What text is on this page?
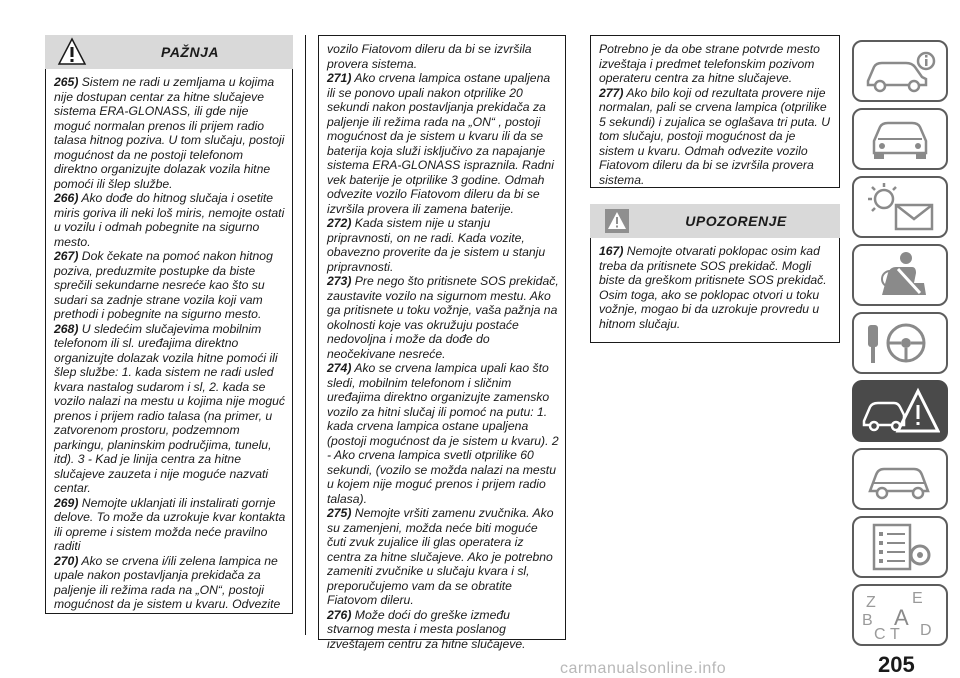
PAŽNJA

265) Sistem ne radi u zemljama u kojima nije dostupan centar za hitne slučajeve sistema ERA-GLONASS, ili gde nije moguć normalan prenos ili prijem radio talasa hitnog poziva. U tom slučaju, postoji mogućnost da ne postoji telefonom direktno organizujte dolazak vozila hitne pomoći ili šlep službe.

266) Ako dođe do hitnog slučaja i osetite miris goriva ili neki loš miris, nemojte ostati u vozilu i odmah pobegnite na sigurno mesto.

267) Dok čekate na pomoć nakon hitnog poziva, preduzmite postupke da biste sprečili sekundarne nesreće kao što su sudari sa zadnje strane vozila koji vam prethodi i pobegnite na sigurno mesto.

268) U sledećim slučajevima mobilnim telefonom ili sl. uređajima direktno organizujte dolazak vozila hitne pomoći ili šlep službe: 1. kada sistem ne radi usled kvara nastalog sudarom i sl, 2. kada se vozilo nalazi na mestu u kojima nije moguć prenos i prijem radio talasa (na primer, u zatvorenom prostoru, podzemnom parkingu, planinskim područjima, tunelu, itd). 3 - Kad je linija centra za hitne slučajeve zauzeta i nije moguće nazvati centar.

269) Nemojte uklanjati ili instalirati gornje delove. To može da uzrokuje kvar kontakta ili opreme i sistem možda neće pravilno raditi

270) Ako se crvena i/ili zelena lampica ne upale nakon postavljanja prekidača za paljenje ili režima rada na „ON“, postoji mogućnost da je sistem u kvaru. Odvezite

vozilo Fiatovom dileru da bi se izvršila provera sistema.

271) Ako crvena lampica ostane upaljena ili se ponovo upali nakon otprilike 20 sekundi nakon postavljanja prekidača za paljenje ili režima rada na „ON“ , postoji mogućnost da je sistem u kvaru ili da se baterija koja služi isključivo za napajanje sistema ERA-GLONASS ispraznila. Radni vek baterije je otprilike 3 godine. Odmah odvezite vozilo Fiatovom dileru da bi se izvršila provera ili zamena baterije.

272) Kada sistem nije u stanju pripravnosti, on ne radi. Kada vozite, obavezno proverite da je sistem u stanju pripravnosti.

273) Pre nego što pritisnete SOS prekidač, zaustavite vozilo na sigurnom mestu. Ako ga pritisnete u toku vožnje, vaša pažnja na okolnosti koje vas okružuju postaće nedovoljna i može da dođe do neočekivane nesreće.

274) Ako se crvena lampica upali kao što sledi, mobilnim telefonom i sličnim uređajima direktno organizujte zamensko vozilo za hitni slučaj ili pomoć na putu: 1. kada crvena lampica ostane upaljena (postoji mogućnost da je sistem u kvaru). 2 - Ako crvena lampica svetli otprilike 60 sekundi, (vozilo se možda nalazi na mestu u kojem nije moguć prenos i prijem radio talasa).

275) Nemojte vršiti zamenu zvučnika. Ako su zamenjeni, možda neće biti moguće čuti zvuk zujalice ili glas operatera iz centra za hitne slučajeve. Ako je potrebno zameniti zvučnike u slučaju kvara i sl, preporučujemo vam da se obratite Fiatovom dileru.

276) Može doći do greške između stvarnog mesta i mesta poslanog izveštajem centru za hitne slučajeve.

Potrebno je da obe strane potvrde mesto izveštaja i predmet telefonskim pozivom operateru centra za hitne slučajeve.

277) Ako bilo koji od rezultata provere nije normalan, pali se crvena lampica (otprilike 5 sekundi) i zujalica se oglašava tri puta. U tom slučaju, postoji mogućnost da je sistem u kvaru. Odmah odvezite vozilo Fiatovom dileru da bi se izvršila provera sistema.

UPOZORENJE

167) Nemojte otvarati poklopac osim kad treba da pritisnete SOS prekidač. Mogli biste da greškom pritisnete SOS prekidač. Osim toga, ako se poklopac otvori u toku vožnje, mogao bi da uzrokuje provredu u hitnom slučaju.

Z E
B A
C T D
205
carmanualsonline.info
